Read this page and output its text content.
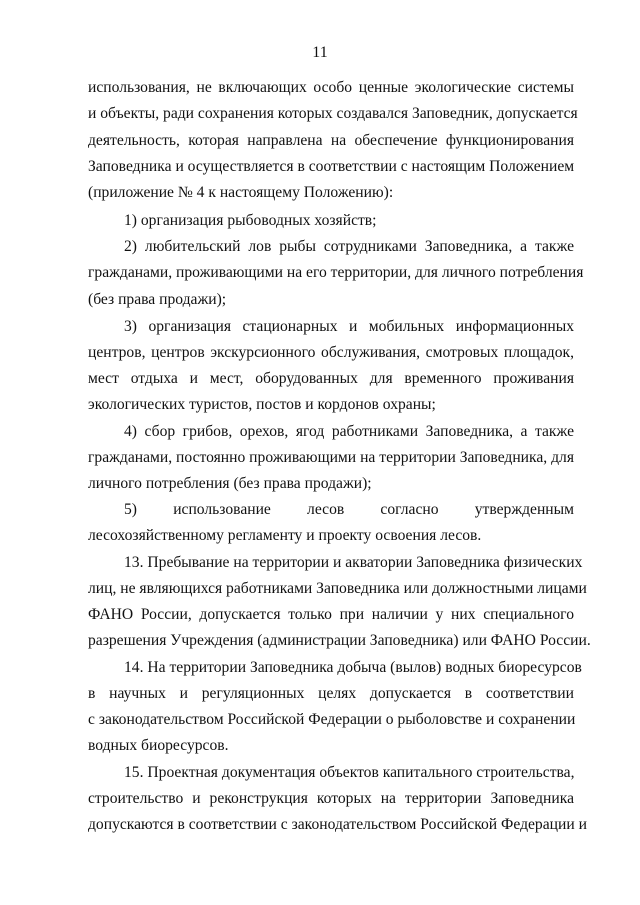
11
использования, не включающих особо ценные экологические системы
и объекты, ради сохранения которых создавался Заповедник, допускается
деятельность, которая направлена на обеспечение функционирования
Заповедника и осуществляется в соответствии с настоящим Положением
(приложение № 4 к настоящему Положению):
1) организация рыбоводных хозяйств;
2) любительский лов рыбы сотрудниками Заповедника, а также
гражданами, проживающими на его территории, для личного потребления
(без права продажи);
3) организация стационарных и мобильных информационных
центров, центров экскурсионного обслуживания, смотровых площадок,
мест отдыха и мест, оборудованных для временного проживания
экологических туристов, постов и кордонов охраны;
4) сбор грибов, орехов, ягод работниками Заповедника, а также
гражданами, постоянно проживающими на территории Заповедника, для
личного потребления (без права продажи);
5) использование лесов согласно утвержденным
лесохозяйственному регламенту и проекту освоения лесов.
13. Пребывание на территории и акватории Заповедника физических
лиц, не являющихся работниками Заповедника или должностными лицами
ФАНО России, допускается только при наличии у них специального
разрешения Учреждения (администрации Заповедника) или ФАНО России.
14. На территории Заповедника добыча (вылов) водных биоресурсов
в научных и регуляционных целях допускается в соответствии
с законодательством Российской Федерации о рыболовстве и сохранении
водных биоресурсов.
15. Проектная документация объектов капитального строительства,
строительство и реконструкция которых на территории Заповедника
допускаются в соответствии с законодательством Российской Федерации и
